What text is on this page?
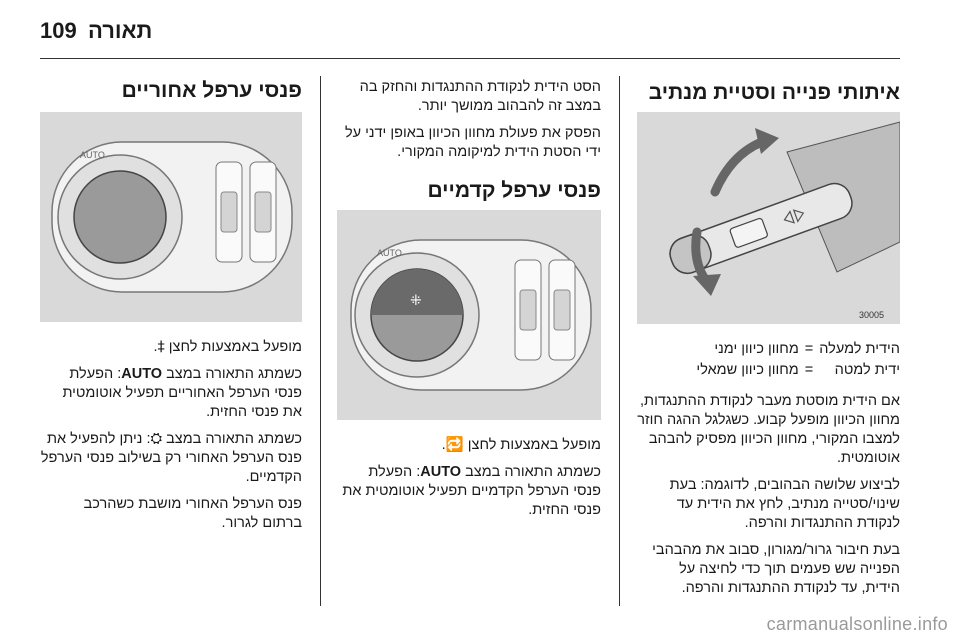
109 תאורה
איתותי פנייה וסטיית מנתיב
30005
הידית למעלה	=	מחוון כיוון ימני
ידית למטה	=	מחוון כיוון שמאלי

אם הידית מוסטת מעבר לנקודת ההתנגדות, מחוון הכיוון מופעל קבוע. כשגלגל ההגה חוזר למצבו המקורי, מחוון הכיוון מפסיק להבהב אוטומטית.

לביצוע שלושה הבהובים, לדוגמה: בעת שינוי/סטייה מנתיב, לחץ את הידית עד לנקודת ההתנגדות והרפה.

בעת חיבור גרור/מגורון, סבוב את מהבהבי הפנייה שש פעמים תוך כדי לחיצה על הידית, עד לנקודת ההתנגדות והרפה.

הסט הידית לנקודת ההתנגדות והחזק בה במצב זה להבהוב ממושך יותר.

הפסק את פעולת מחוון הכיוון באופן ידני על ידי הסטת הידית למיקומה המקורי.

פנסי ערפל קדמיים
⁜
AUTO

מופעל באמצעות לחצן 🔁.

כשמתג התאורה במצב AUTO: הפעלת פנסי הערפל הקדמיים תפעיל אוטומטית את פנסי החזית.

פנסי ערפל אחוריים
AUTO

מופעל באמצעות לחצן ‡.

כשמתג התאורה במצב AUTO: הפעלת פנסי הערפל האחוריים תפעיל אוטומטית את פנסי החזית.

כשמתג התאורה במצב ⛭: ניתן להפעיל את פנס הערפל האחורי רק בשילוב פנסי הערפל הקדמיים.

פנס הערפל האחורי מושבת כשהרכב ברתום לגרור.

carmanualsonline.info
